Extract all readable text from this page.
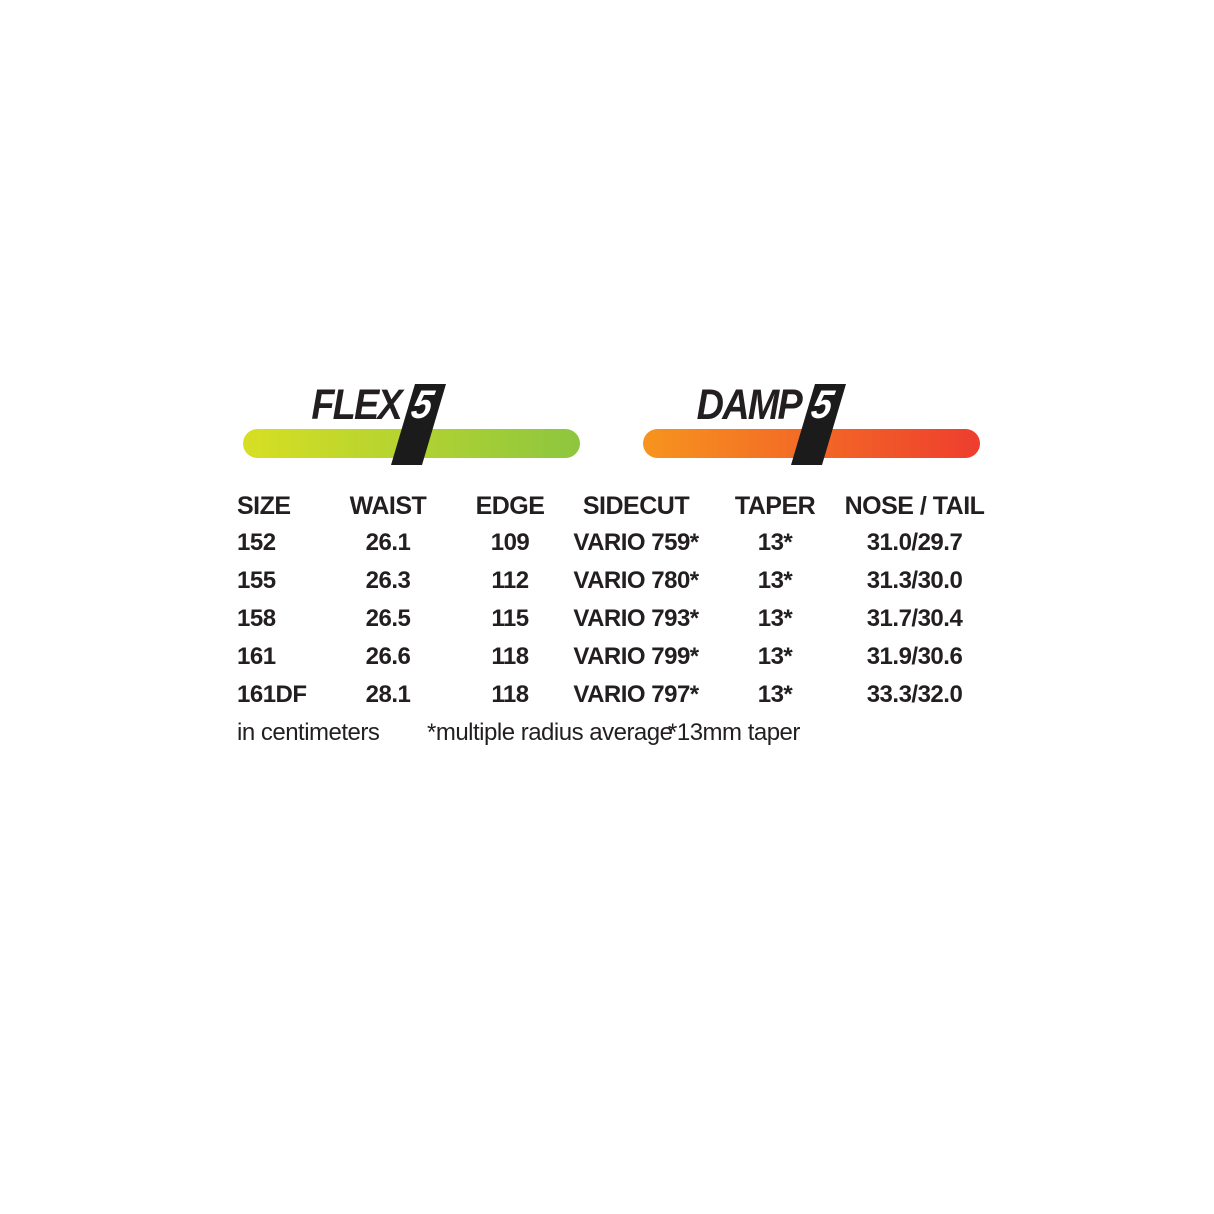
FLEX 5	DAMP 5
SIZE	WAIST	EDGE	SIDECUT	TAPER	NOSE / TAIL
152	26.1	109	VARIO 759*	13*	31.0/29.7
155	26.3	112	VARIO 780*	13*	31.3/30.0
158	26.5	115	VARIO 793*	13*	31.7/30.4
161	26.6	118	VARIO 799*	13*	31.9/30.6
161DF	28.1	118	VARIO 797*	13*	33.3/32.0
in centimeters *multiple radius average
*13mm taper
